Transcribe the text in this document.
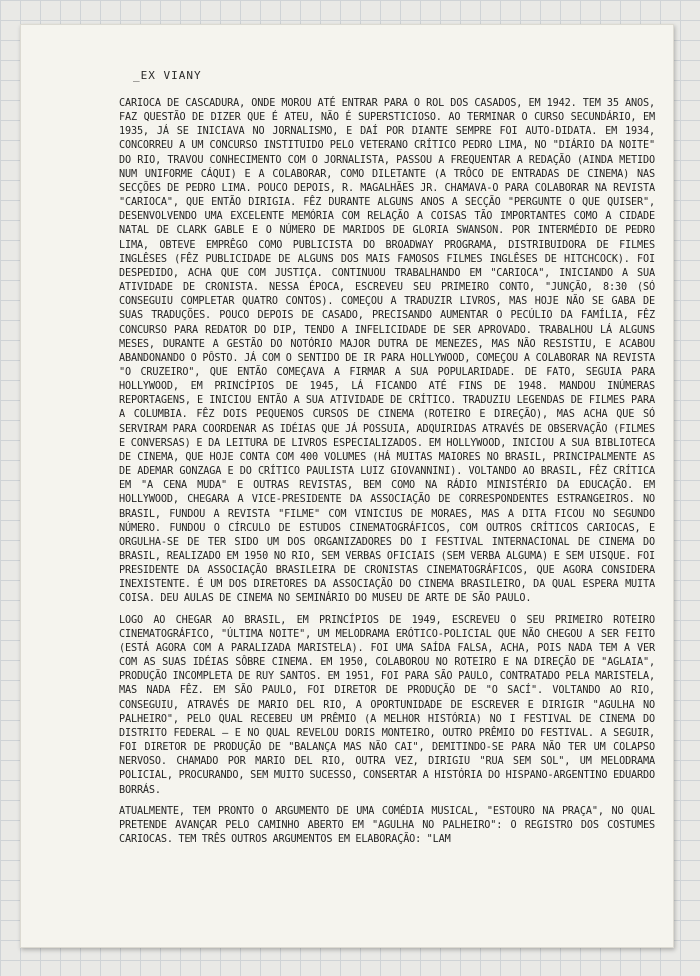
_EX VIANY

CARIOCA DE CASCADURA, ONDE MOROU ATÉ ENTRAR PARA O ROL DOS CASADOS, EM 1942. TEM 35 ANOS, FAZ QUESTÃO DE DIZER QUE É ATEU, NÃO É SUPERSTICIOSO. AO TERMINAR O CURSO SECUNDÁRIO, EM 1935, JÁ SE INICIAVA NO JORNALISMO, E DAÍ POR DIANTE SEMPRE FOI AUTO-DIDATA. EM 1934, CONCORREU A UM CONCURSO INSTITUIDO PELO VETERANO CRÍTICO PEDRO LIMA, NO "DIÁRIO DA NOITE" DO RIO, TRAVOU CONHECIMENTO COM O JORNALISTA, PASSOU A FREQUENTAR A REDAÇÃO (AINDA METIDO NUM UNIFORME CÁQUI) E A COLABORAR, COMO DILETANTE (A TRÔCO DE ENTRADAS DE CINEMA) NAS SECÇÕES DE PEDRO LIMA. POUCO DEPOIS, R. MAGALHÃES JR. CHAMAVA-O PARA COLABORAR NA REVISTA "CARIOCA", QUE ENTÃO DIRIGIA. FÊZ DURANTE ALGUNS ANOS A SECÇÃO "PERGUNTE O QUE QUISER", DESENVOLVENDO UMA EXCELENTE MEMÓRIA COM RELAÇÃO A COISAS TÃO IMPORTANTES COMO A CIDADE NATAL DE CLARK GABLE E O NÚMERO DE MARIDOS DE GLORIA SWANSON. POR INTERMÉDIO DE PEDRO LIMA, OBTEVE EMPRÊGO COMO PUBLICISTA DO BROADWAY PROGRAMA, DISTRIBUIDORA DE FILMES INGLÊSES (FÊZ PUBLICIDADE DE ALGUNS DOS MAIS FAMOSOS FILMES INGLÊSES DE HITCHCOCK). FOI DESPEDIDO, ACHA QUE COM JUSTIÇA. CONTINUOU TRABALHANDO EM "CARIOCA", INICIANDO A SUA ATIVIDADE DE CRONISTA. NESSA ÉPOCA, ESCREVEU SEU PRIMEIRO CONTO, "JUNÇÃO, 8:30 (SÓ CONSEGUIU COMPLETAR QUATRO CONTOS). COMEÇOU A TRADUZIR LIVROS, MAS HOJE NÃO SE GABA DE SUAS TRADUÇÕES. POUCO DEPOIS DE CASADO, PRECISANDO AUMENTAR O PECÚLIO DA FAMÍLIA, FÊZ CONCURSO PARA REDATOR DO DIP, TENDO A INFELICIDADE DE SER APROVADO. TRABALHOU LÁ ALGUNS MESES, DURANTE A GESTÃO DO NOTÓRIO MAJOR DUTRA DE MENEZES, MAS NÃO RESISTIU, E ACABOU ABANDONANDO O PÔSTO. JÁ COM O SENTIDO DE IR PARA HOLLYWOOD, COMEÇOU A COLABORAR NA REVISTA "O CRUZEIRO", QUE ENTÃO COMEÇAVA A FIRMAR A SUA POPULARIDADE. DE FATO, SEGUIA PARA HOLLYWOOD, EM PRINCÍPIOS DE 1945, LÁ FICANDO ATÉ FINS DE 1948. MANDOU INÚMERAS REPORTAGENS, E INICIOU ENTÃO A SUA ATIVIDADE DE CRÍTICO. TRADUZIU LEGENDAS DE FILMES PARA A COLUMBIA. FÊZ DOIS PEQUENOS CURSOS DE CINEMA (ROTEIRO E DIREÇÃO), MAS ACHA QUE SÓ SERVIRAM PARA COORDENAR AS IDÉIAS QUE JÁ POSSUIA, ADQUIRIDAS ATRAVÉS DE OBSERVAÇÃO (FILMES E CONVERSAS) E DA LEITURA DE LIVROS ESPECIALIZADOS. EM HOLLYWOOD, INICIOU A SUA BIBLIOTECA DE CINEMA, QUE HOJE CONTA COM 400 VOLUMES (HÁ MUITAS MAIORES NO BRASIL, PRINCIPALMENTE AS DE ADEMAR GONZAGA E DO CRÍTICO PAULISTA LUIZ GIOVANNINI). VOLTANDO AO BRASIL, FÊZ CRÍTICA EM "A CENA MUDA" E OUTRAS REVISTAS, BEM COMO NA RÁDIO MINISTÉRIO DA EDUCAÇÃO. EM HOLLYWOOD, CHEGARA A VICE-PRESIDENTE DA ASSOCIAÇÃO DE CORRESPONDENTES ESTRANGEIROS. NO BRASIL, FUNDOU A REVISTA "FILME" COM VINICIUS DE MORAES, MAS A DITA FICOU NO SEGUNDO NÚMERO. FUNDOU O CÍRCULO DE ESTUDOS CINEMATOGRÁFICOS, COM OUTROS CRÍTICOS CARIOCAS, E ORGULHA-SE DE TER SIDO UM DOS ORGANIZADORES DO I FESTIVAL INTERNACIONAL DE CINEMA DO BRASIL, REALIZADO EM 1950 NO RIO, SEM VERBAS OFICIAIS (SEM VERBA ALGUMA) E SEM UISQUE. FOI PRESIDENTE DA ASSOCIAÇÃO BRASILEIRA DE CRONISTAS CINEMATOGRÁFICOS, QUE AGORA CONSIDERA INEXISTENTE. É UM DOS DIRETORES DA ASSOCIAÇÃO DO CINEMA BRASILEIRO, DA QUAL ESPERA MUITA COISA. DEU AULAS DE CINEMA NO SEMINÁRIO DO MUSEU DE ARTE DE SÃO PAULO.

LOGO AO CHEGAR AO BRASIL, EM PRINCÍPIOS DE 1949, ESCREVEU O SEU PRIMEIRO ROTEIRO CINEMATOGRÁFICO, "ÚLTIMA NOITE", UM MELODRAMA ERÓTICO-POLICIAL QUE NÃO CHEGOU A SER FEITO (ESTÁ AGORA COM A PARALIZADA MARISTELA). FOI UMA SAÍDA FALSA, ACHA, POIS NADA TEM A VER COM AS SUAS IDÉIAS SÔBRE CINEMA. EM 1950, COLABOROU NO ROTEIRO E NA DIREÇÃO DE "AGLAIA", PRODUÇÃO INCOMPLETA DE RUY SANTOS. EM 1951, FOI PARA SÃO PAULO, CONTRATADO PELA MARISTELA, MAS NADA FÊZ. EM SÃO PAULO, FOI DIRETOR DE PRODUÇÃO DE "O SACÍ". VOLTANDO AO RIO, CONSEGUIU, ATRAVÉS DE MARIO DEL RIO, A OPORTUNIDADE DE ESCREVER E DIRIGIR "AGULHA NO PALHEIRO", PELO QUAL RECEBEU UM PRÊMIO (A MELHOR HISTÓRIA) NO I FESTIVAL DE CINEMA DO DISTRITO FEDERAL — E NO QUAL REVELOU DORIS MONTEIRO, OUTRO PRÊMIO DO FESTIVAL. A SEGUIR, FOI DIRETOR DE PRODUÇÃO DE "BALANÇA MAS NÃO CAI", DEMITINDO-SE PARA NÃO TER UM COLAPSO NERVOSO. CHAMADO POR MARIO DEL RIO, OUTRA VEZ, DIRIGIU "RUA SEM SOL", UM MELODRAMA POLICIAL, PROCURANDO, SEM MUITO SUCESSO, CONSERTAR A HISTÓRIA DO HISPANO-ARGENTINO EDUARDO BORRÁS.

ATUALMENTE, TEM PRONTO O ARGUMENTO DE UMA COMÉDIA MUSICAL, "ESTOURO NA PRAÇA", NO QUAL PRETENDE AVANÇAR PELO CAMINHO ABERTO EM "AGULHA NO PALHEIRO": O REGISTRO DOS COSTUMES CARIOCAS. TEM TRÊS OUTROS ARGUMENTOS EM ELABORAÇÃO: "LAM
